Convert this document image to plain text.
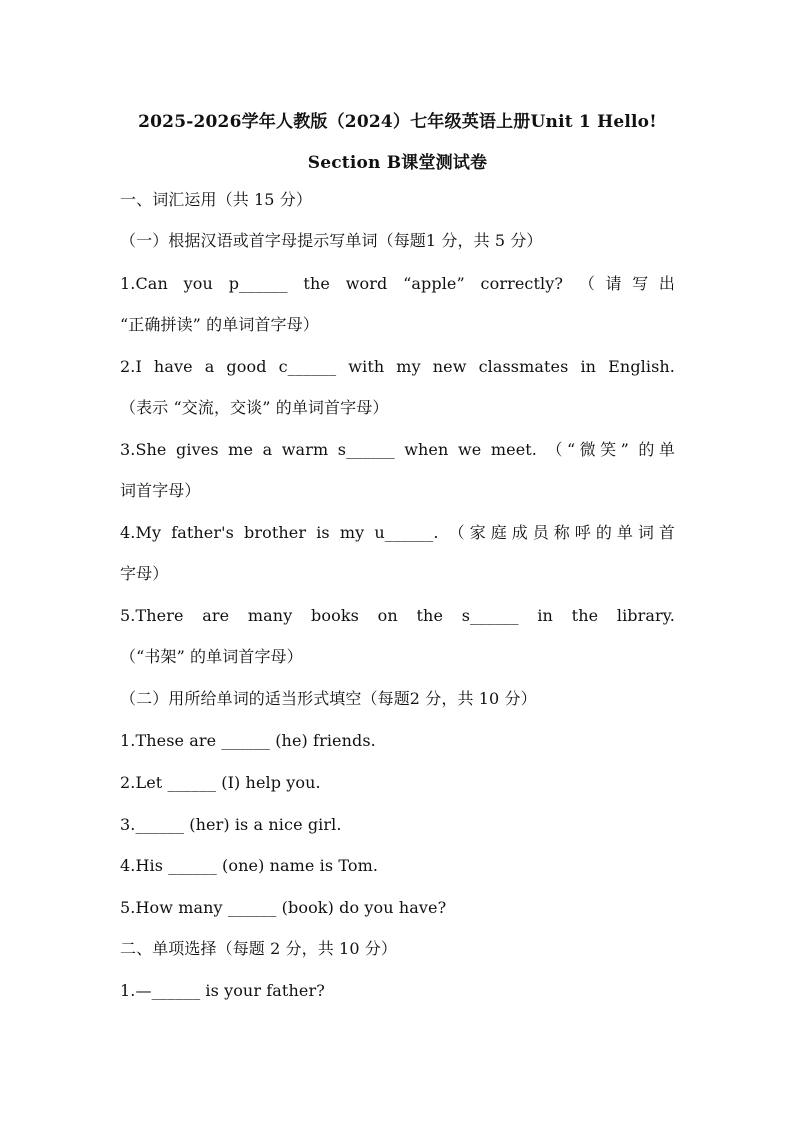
2025-2026学年人教版（2024）七年级英语上册Unit 1 Hello!
Section B课堂测试卷
一、词汇运用（共 15 分）
（一）根据汉语或首字母提示写单词（每题1 分，共 5 分）
1.Can you p______ the word “apple” correctly? （请写出
“正确拼读” 的单词首字母）
2.I have a good c______ with my new classmates in English.
（表示 “交流，交谈” 的单词首字母）
3.She gives me a warm s______ when we meet. （“微笑” 的单
词首字母）
4.My father's brother is my u______. （家庭成员称呼的单词首
字母）
5.There are many books on the s______ in the library.
（“书架” 的单词首字母）
（二）用所给单词的适当形式填空（每题2 分，共 10 分）
1.These are ______ (he) friends.
2.Let ______ (I) help you.
3.______ (her) is a nice girl.
4.His ______ (one) name is Tom.
5.How many ______ (book) do you have?
二、单项选择（每题 2 分，共 10 分）
1.—______ is your father?
